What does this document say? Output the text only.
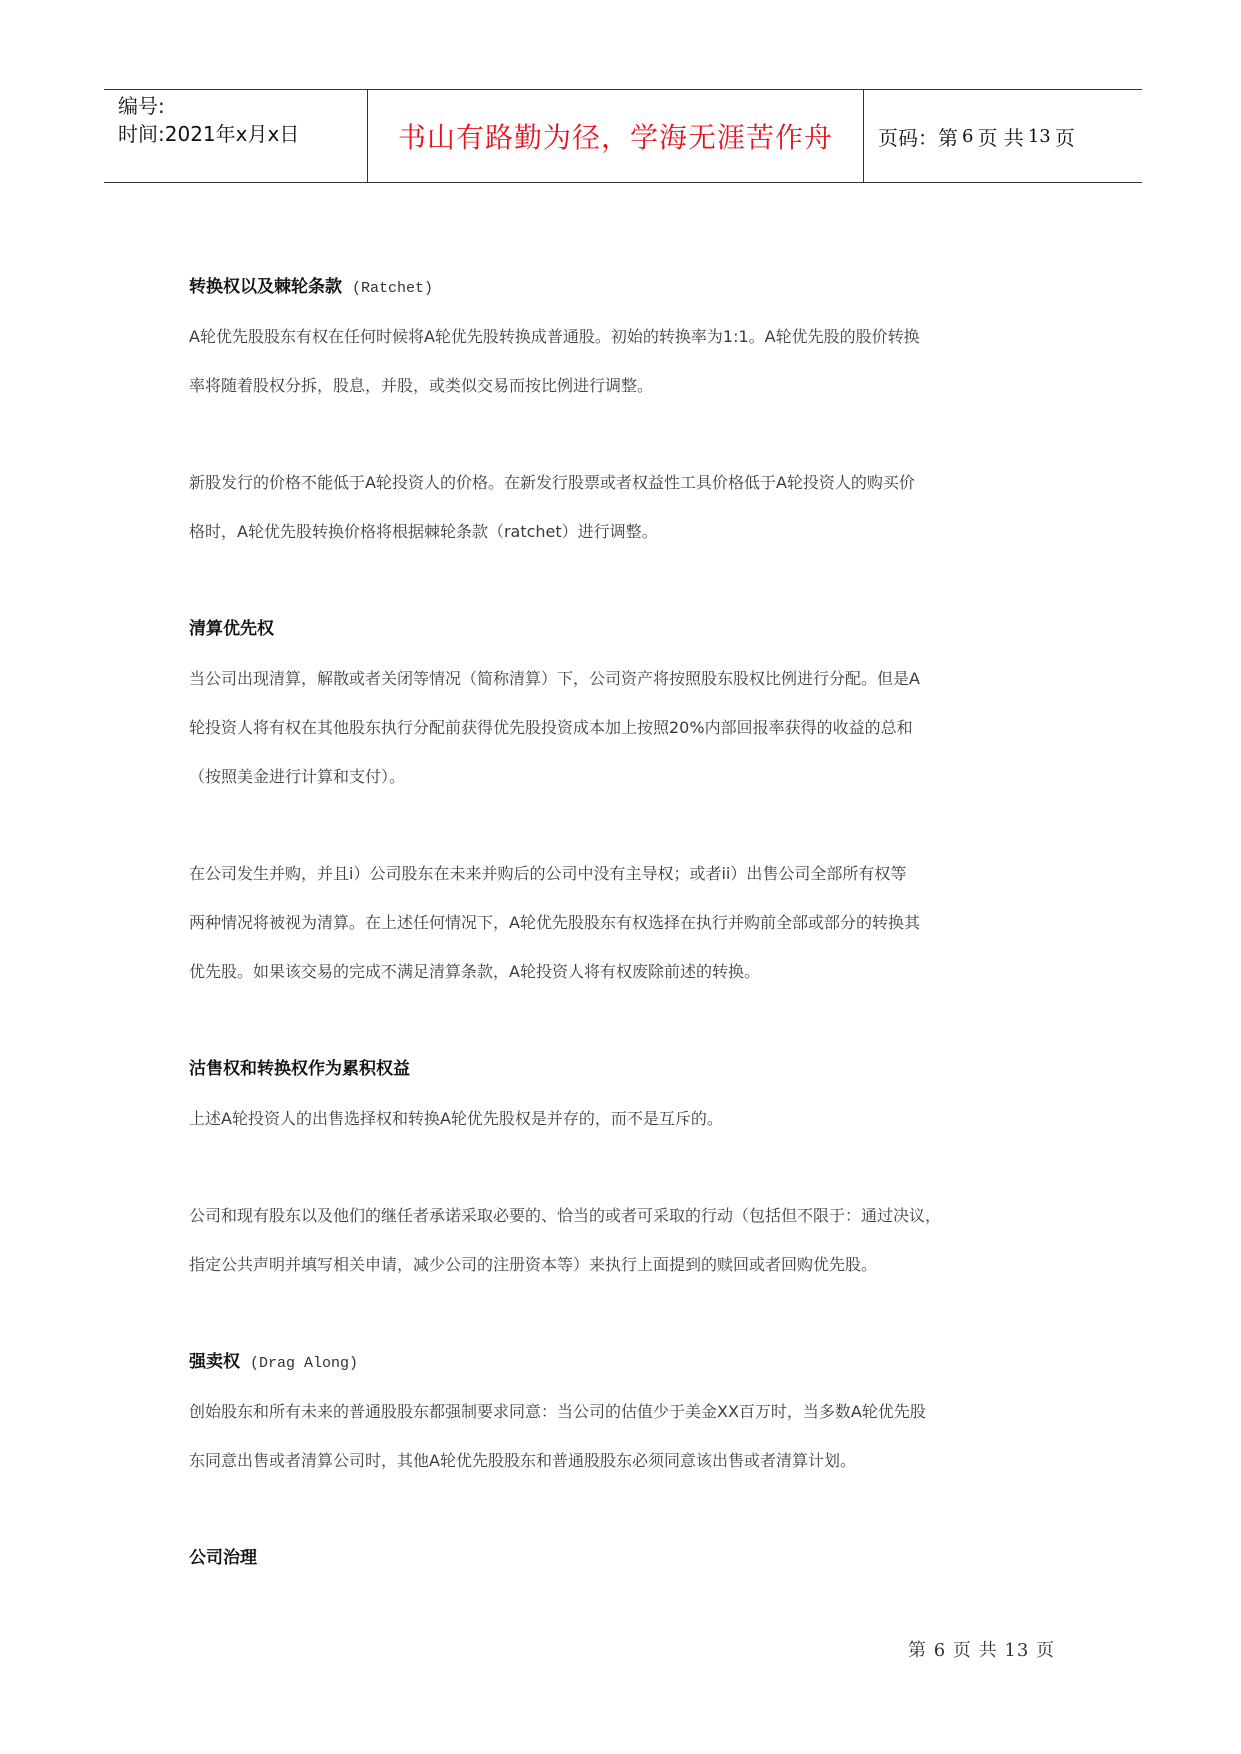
编号:
时间:2021年x月x日	书山有路勤为径，学海无涯苦作舟 页码：第 6 页 共 13 页
转换权以及棘轮条款 (Ratchet)
A轮优先股股东有权在任何时候将A轮优先股转换成普通股。初始的转换率为1:1。A轮优先股的股价转换
率将随着股权分拆，股息，并股，或类似交易而按比例进行调整。
新股发行的价格不能低于A轮投资人的价格。在新发行股票或者权益性工具价格低于A轮投资人的购买价
格时，A轮优先股转换价格将根据棘轮条款（ratchet）进行调整。
清算优先权
当公司出现清算，解散或者关闭等情况（简称清算）下，公司资产将按照股东股权比例进行分配。但是A
轮投资人将有权在其他股东执行分配前获得优先股投资成本加上按照20%内部回报率获得的收益的总和
（按照美金进行计算和支付）。
在公司发生并购，并且i）公司股东在未来并购后的公司中没有主导权；或者ii）出售公司全部所有权等
两种情况将被视为清算。在上述任何情况下，A轮优先股股东有权选择在执行并购前全部或部分的转换其
优先股。如果该交易的完成不满足清算条款，A轮投资人将有权废除前述的转换。
沽售权和转换权作为累积权益
上述A轮投资人的出售选择权和转换A轮优先股权是并存的，而不是互斥的。
公司和现有股东以及他们的继任者承诺采取必要的、恰当的或者可采取的行动（包括但不限于：通过决议，
指定公共声明并填写相关申请，减少公司的注册资本等）来执行上面提到的赎回或者回购优先股。
强卖权 (Drag Along)
创始股东和所有未来的普通股股东都强制要求同意：当公司的估值少于美金XX百万时，当多数A轮优先股
东同意出售或者清算公司时，其他A轮优先股股东和普通股股东必须同意该出售或者清算计划。
公司治理
第 6 页 共 13 页
